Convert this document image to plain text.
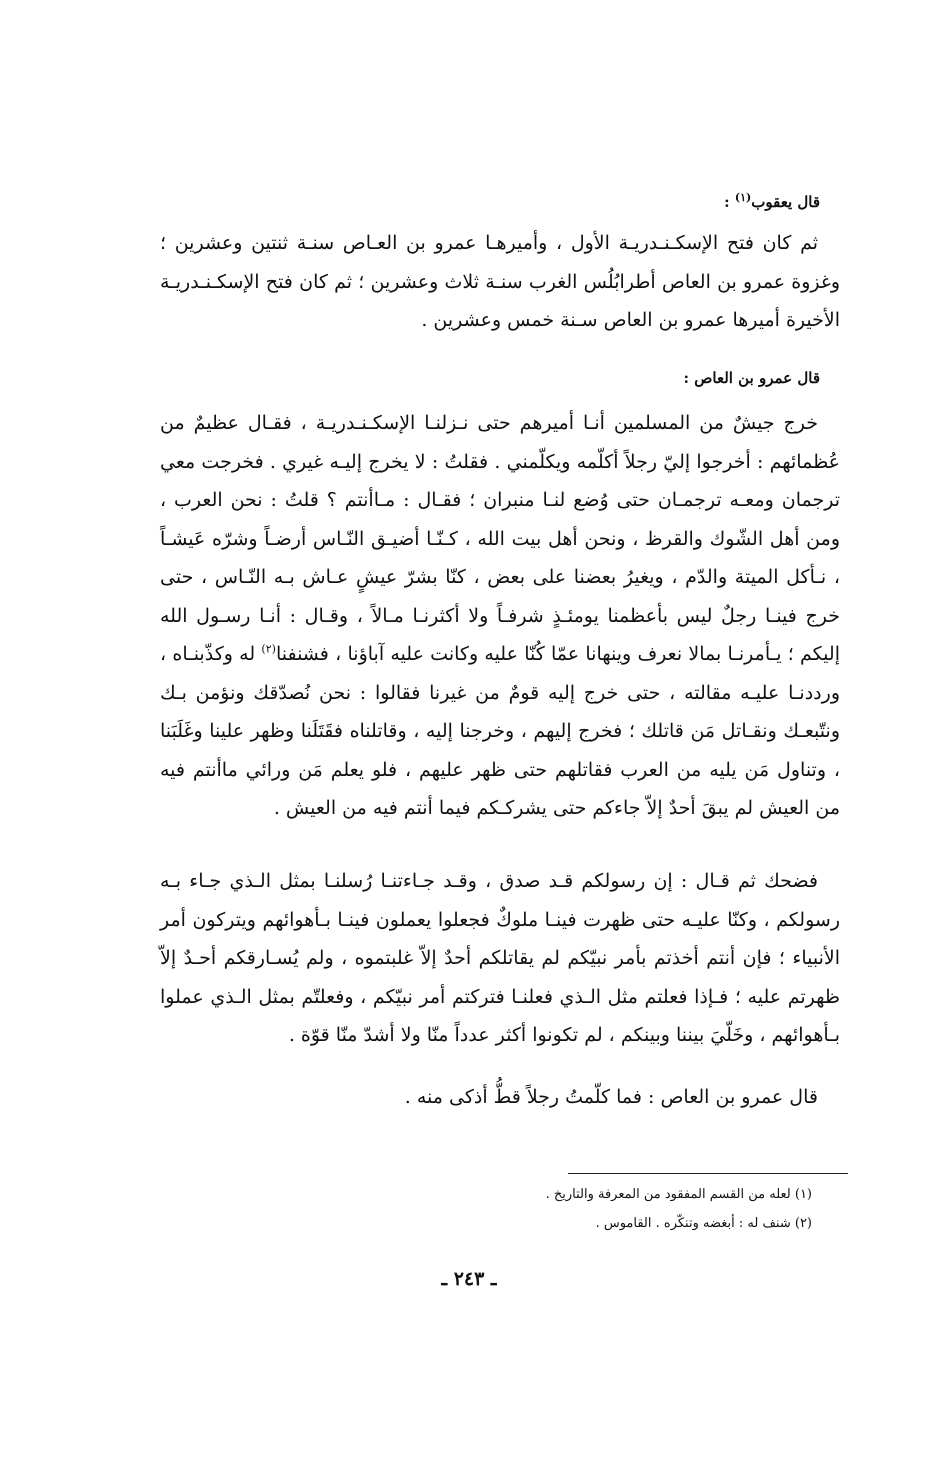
قال يعقوب$^{(١)}$ :

ثم كان فتح الإسكـنـدريـة الأول ، وأميرهـا عمرو بن العـاص سنـة ثنتين وعشرين ؛ وغزوة عمرو بن العاص أطرابُلُس الغرب سنـة ثلاث وعشرين ؛ ثم كان فتح الإسكـنـدريـة الأخيرة أميرها عمرو بن العاص سـنة خمس وعشرين .

قال عمرو بن العاص :

خرج جيشٌ من المسلمين أنـا أميرهم حتى نـزلنـا الإسكـنـدريـة ، فقـال عظيمٌ من عُظمائهم : أخرجوا إليّ رجلاً أكلّمه ويكلّمني . فقلتُ : لا يخرج إليـه غيري . فخرجت معي ترجمان ومعـه ترجمـان حتى وُضع لنـا منبران ؛ فقـال : مـاأنتم ؟ قلتُ : نحن العرب ، ومن أهل الشّوك والقرظ ، ونحن أهل بيت الله ، كـنّـا أضيـق النّـاس أرضـاً وشرّه عَيشـاً ، نـأكل الميتة والدّم ، ويغيرُ بعضنا على بعض ، كنّا بشرّ عيشٍ عـاش بـه النّـاس ، حتى خرج فينـا رجلٌ ليس بأعظمنا يومئـذٍ شرفـاً ولا أكثرنـا مـالاً ، وقـال : أنـا رسـول الله إليكم ؛ يـأمرنـا بمالا نعرف وينهانا عمّا كُنّا عليه وكانت عليه آباؤنا ، فشنفنا$^{(٢)}$ له وكذّبنـاه ، ورددنـا عليـه مقالته ، حتى خرج إليه قومٌ من غيرنا فقالوا : نحن نُصدّقك ونؤمن بـك ونتّبعـك ونقـاتل مَن قاتلك ؛ فخرج إليهم ، وخرجنا إليه ، وقاتلناه فقَتَلَنا وظهر علينا وغَلَبَنا ، وتناول مَن يليه من العرب فقاتلهم حتى ظهر عليهم ، فلو يعلم مَن ورائي ماأنتم فيه من العيش لم يبقَ أحدٌ إلاّ جاءكم حتى يشركـكم فيما أنتم فيه من العيش .

فضحك ثم قـال : إن رسولكم قـد صدق ، وقـد جـاءتنـا رُسلنـا بمثل الـذي جـاء بـه رسولكم ، وكنّا عليـه حتى ظهرت فينـا ملوكٌ فجعلوا يعملون فينـا بـأهوائهم ويتركون أمر الأنبياء ؛ فإن أنتم أخذتم بأمر نبيّكم لم يقاتلكم أحدٌ إلاّ غلبتموه ، ولم يُسـارقكم أحـدٌ إلاّ ظهرتم عليه ؛ فـإذا فعلتم مثل الـذي فعلنـا فتركتم أمر نبيّكم ، وفعلتّم بمثل الـذي عملوا بـأهوائهم ، وخَلّيَ بيننا وبينكم ، لم تكونوا أكثر عدداً منّا ولا أشدّ منّا قوّة .

قال عمرو بن العاص : فما كلّمتُ رجلاً قطُّ أذكى منه .

(١) لعله من القسم المفقود من المعرفة والتاريخ .
(٢) شنف له : أبغضه وتنكّره . القاموس .
ـ ٢٤٣ ـ
